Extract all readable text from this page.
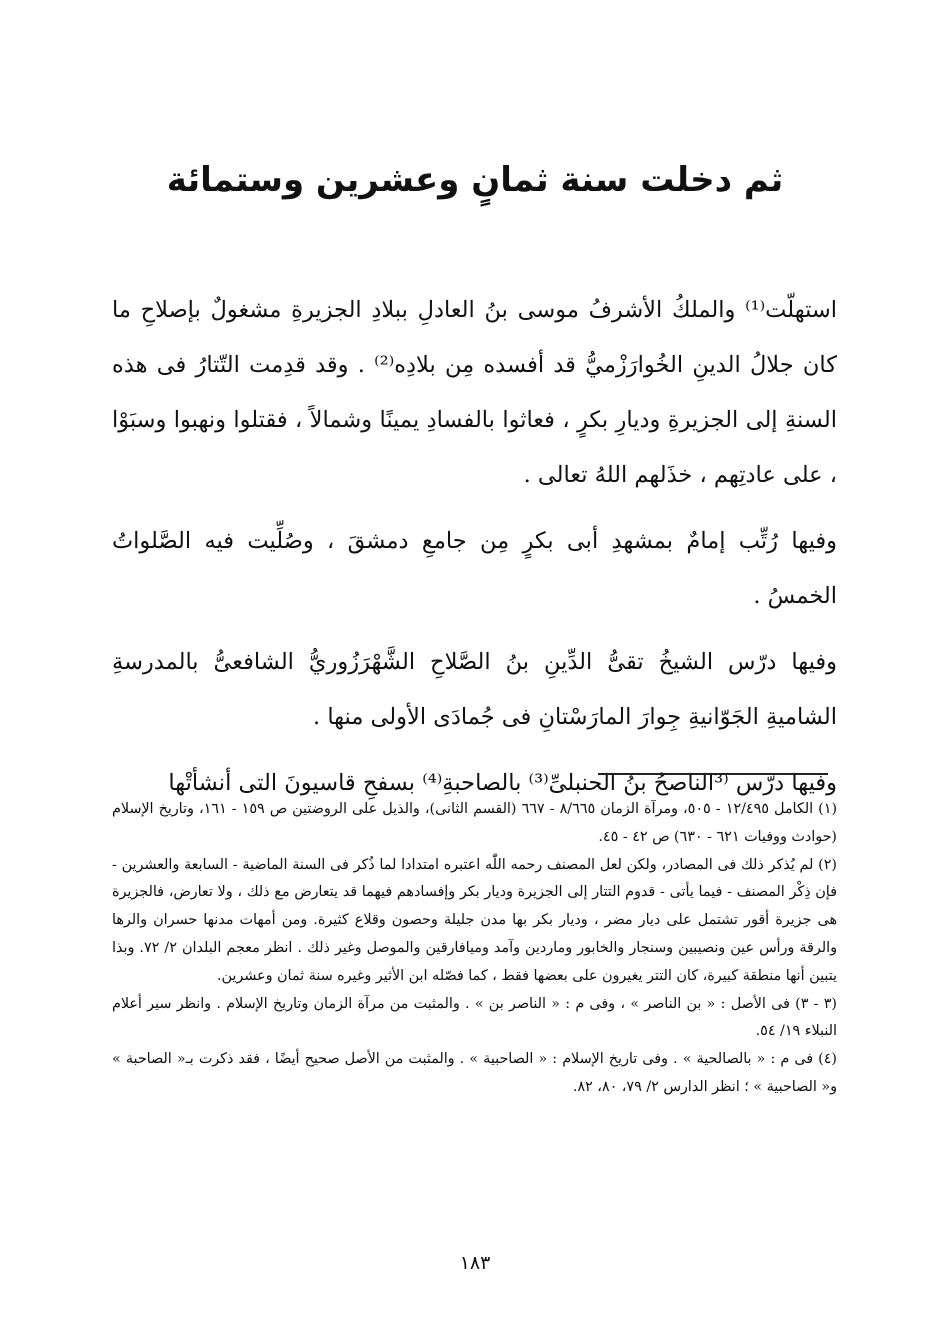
ثم دخلت سنة ثمانٍ وعشرين وستمائة

استهلّت⁽¹⁾ والملكُ الأشرفُ موسى بنُ العادلِ ببلادِ الجزيرةِ مشغولٌ بإصلاحِ ما كان جلالُ الدينِ الخُوارَزْميُّ قد أفسده مِن بلادِه⁽²⁾ . وقد قدِمت التّتارُ فى هذه السنةِ إلى الجزيرةِ وديارِ بكرٍ ، فعاثوا بالفسادِ يمينًا وشمالاً ، فقتلوا ونهبوا وسبَوْا ، على عادتِهم ، خذَلهم اللهُ تعالى .

وفيها رُتِّب إمامٌ بمشهدِ أبى بكرٍ مِن جامعِ دمشقَ ، وصُلِّيت فيه الصَّلواتُ الخمسُ .

وفيها درّس الشيخُ تقىُّ الدِّينِ بنُ الصَّلاحِ الشَّهْرَزُوريُّ الشافعىُّ بالمدرسةِ الشاميةِ الجَوّانيةِ جِوارَ المارَسْتانِ فى جُمادَى الأولى منها .

وفيها درّس ⁽³الناصحُ بنُ الحنبلىِّ⁽³⁾ بالصاحبةِ⁽⁴⁾ بسفحِ قاسيونَ التى أنشأتْها

(١) الكامل ١٢/٤٩٥ - ٥٠٥، ومرآة الزمان ٨/٦٦٥ - ٦٦٧ (القسم الثانى)، والذيل على الروضتين ص ١٥٩ - ١٦١، وتاريخ الإسلام (حوادث ووفيات ٦٢١ - ٦٣٠) ص ٤٢ - ٤٥.

(٢) لم يُذكر ذلك فى المصادر، ولكن لعل المصنف رحمه اللّٰه اعتبره امتدادا لما ذُكر فى السنة الماضية - السابعة والعشرين - فإن ذِكْر المصنف - فيما يأتى - قدوم التتار إلى الجزيرة وديار بكر وإفسادهم فيهما قد يتعارض مع ذلك ، ولا تعارض، فالجزيرة هى جزيرة أقور تشتمل على ديار مضر ، وديار بكر بها مدن جليلة وحصون وقلاع كثيرة. ومن أمهات مدنها حسران والرها والرقة ورأس عين ونصيبين وسنجار والخابور وماردين وآمد وميافارقين والموصل وغير ذلك . انظر معجم البلدان ٢/ ٧٢. وبذا يتبين أنها منطقة كبيرة، كان التتر يغيرون على بعضها فقط ، كما فصّله ابن الأثير وغيره سنة ثمان وعشرين.

(٣ - ٣) فى الأصل : « بن الناصر » ، وفى م : « الناصر بن » . والمثبت من مرآة الزمان وتاريخ الإسلام . وانظر سير أعلام النبلاء ١٩/ ٥٤.

(٤) فى م : « بالصالحية » . وفى تاريخ الإسلام : « الصاحبية » . والمثبت من الأصل صحيح أيضًا ، فقد ذكرت بـ« الصاحبة » و« الصاحبية » ؛ انظر الدارس ٢/ ٧٩، ٨٠، ٨٢.

١٨٣
